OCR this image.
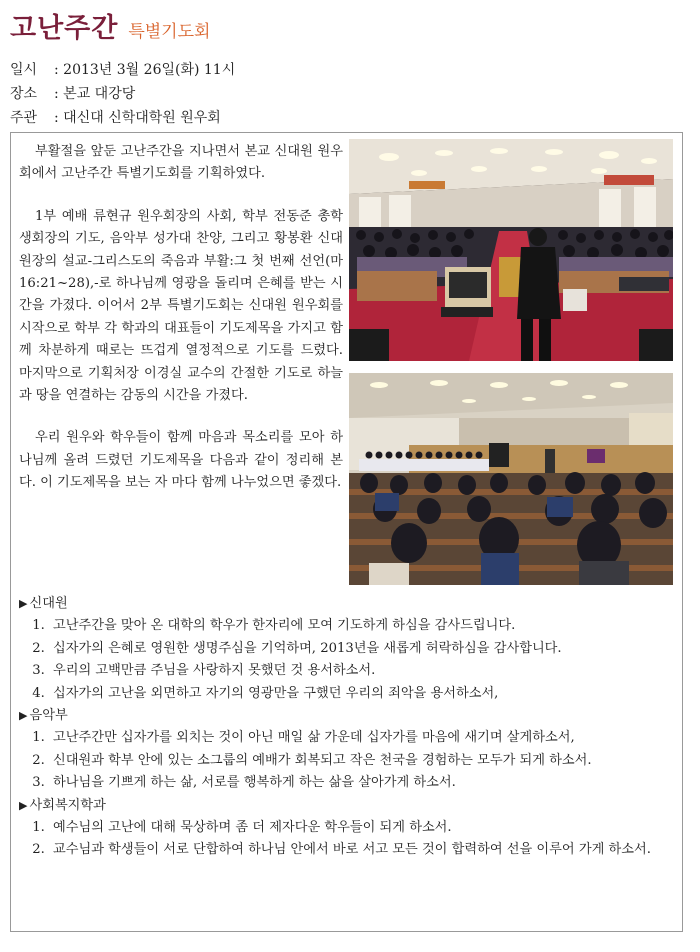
고난주간 특별기도회
일시	: 2013년 3월 26일(화) 11시
장소	: 본교 대강당
주관	: 대신대 신학대학원 원우회

부활절을 앞둔 고난주간을 지나면서 본교 신대원 원우회에서 고난주간 특별기도회를 기획하였다.

1부 예배 류현규 원우회장의 사회, 학부 전동준 총학생회장의 기도, 음악부 성가대 찬양, 그리고 황봉환 신대원장의 설교-그리스도의 죽음과 부활:그 첫 번째 선언(마16:21~28),-로 하나님께 영광을 돌리며 은혜를 받는 시간을 가졌다. 이어서 2부 특별기도회는 신대원 원우회를 시작으로 학부 각 학과의 대표들이 기도제목을 가지고 함께 차분하게 때로는 뜨겁게 열정적으로 기도를 드렸다. 마지막으로 기획처장 이경실 교수의 간절한 기도로 하늘과 땅을 연결하는 감동의 시간을 가졌다.

우리 원우와 학우들이 함께 마음과 목소리를 모아 하나님께 올려 드렸던 기도제목을 다음과 같이 정리해 본다. 이 기도제목을 보는 자 마다 함께 나누었으면 좋겠다.

▶ 신대원
1. 고난주간을 맞아 온 대학의 학우가 한자리에 모여 기도하게 하심을 감사드립니다.
2. 십자가의 은혜로 영원한 생명주심을 기억하며, 2013년을 새롭게 허락하심을 감사합니다.
3. 우리의 고백만큼 주님을 사랑하지 못했던 것 용서하소서.
4. 십자가의 고난을 외면하고 자기의 영광만을 구했던 우리의 죄악을 용서하소서,
▶ 음악부
1. 고난주간만 십자가를 외치는 것이 아닌 매일 삶 가운데 십자가를 마음에 새기며 살게하소서,
2. 신대원과 학부 안에 있는 소그룹의 예배가 회복되고 작은 천국을 경험하는 모두가 되게 하소서.
3. 하나님을 기쁘게 하는 삶, 서로를 행복하게 하는 삶을 살아가게 하소서.
▶ 사회복지학과
1. 예수님의 고난에 대해 묵상하며 좀 더 제자다운 학우들이 되게 하소서.
2. 교수님과 학생들이 서로 단합하여 하나님 안에서 바로 서고 모든 것이 합력하여 선을 이루어 가게 하소서.
